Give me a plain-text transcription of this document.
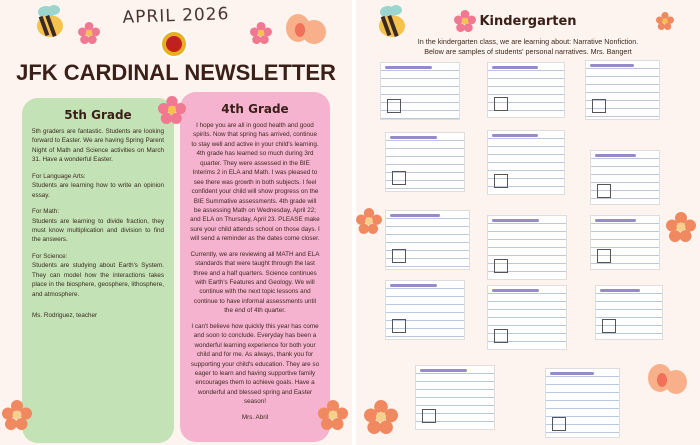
APRIL 2026
JFK CARDINAL NEWSLETTER
5th Grade

5th graders are fantastic. Students are looking forward to Easter. We are having Spring Parent Night of Math and Science activities on March 31. Have a wonderful Easter.

For Language Arts:
Students are learning how to write an opinion essay.

For Math:
Students are learning to divide fraction, they must know multiplication and division to find the answers.

For Science:
Students are studying about Earth's System. They can model how the interactions takes place in the biosphere, geosphere, lithosphere, and atmosphere.

Ms. Rodriguez, teacher

4th Grade

I hope you are all in good health and good spirits. Now that spring has arrived, continue to stay well and active in your child's learning. 4th grade has learned so much during 3rd quarter. They were assessed in the BIE Interims 2 in ELA and Math. I was pleased to see there was growth in both subjects. I feel confident your child will show progress on the BIE Summative assessments. 4th grade will be assessing Math on Wednesday, April 22; and ELA on Thursday, April 23. PLEASE make sure your child attends school on those days. I will send a reminder as the dates come closer.

Currently, we are reviewing all MATH and ELA standards that were taught through the last three and a half quarters. Science continues with Earth's Features and Geology. We will continue with the next topic lessons and continue to have informal assessments until the end of 4th quarter.

I can't believe how quickly this year has come and soon to conclude. Everyday has been a wonderful learning experience for both your child and for me. As always, thank you for supporting your child's education. They are so eager to learn and having supportive family encourages them to achieve goals. Have a wonderful and blessed spring and Easter season!

Mrs. Abril

Kindergarten
In the kindergarten class, we are learning about: Narrative Nonfiction.
Below are samples of students' personal narratives. Mrs. Bangert
